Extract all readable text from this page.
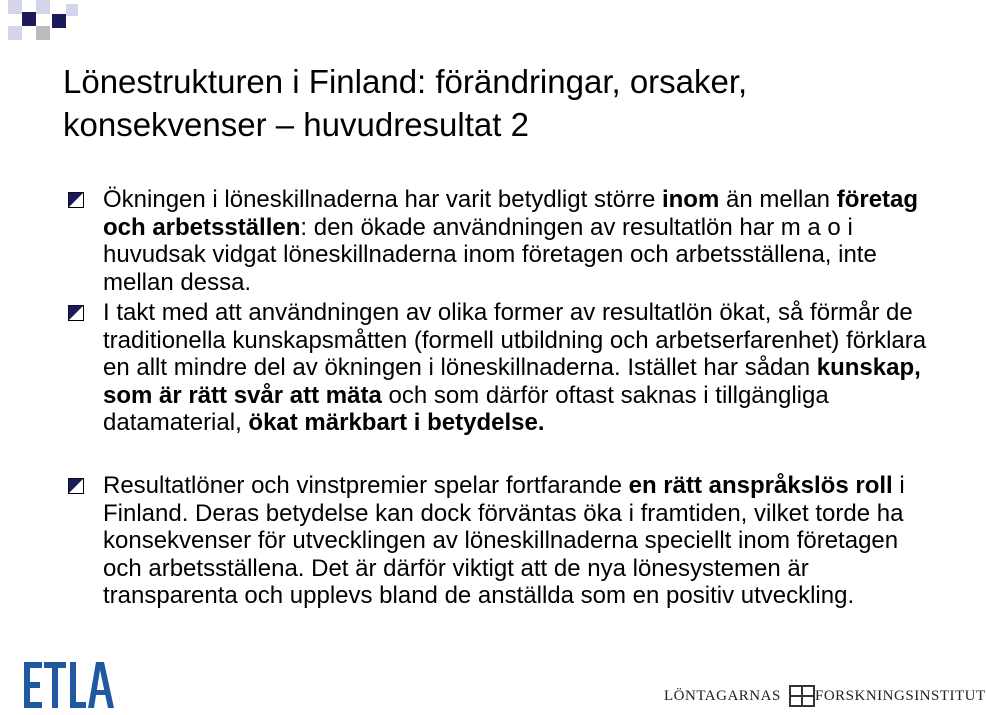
Lönestrukturen i Finland: förändringar, orsaker, konsekvenser – huvudresultat 2

Ökningen i löneskillnaderna har varit betydligt större inom än mellan företag och arbetsställen: den ökade användningen av resultatlön har m a o i huvudsak vidgat löneskillnaderna inom företagen och arbetsställena, inte mellan dessa.

I takt med att användningen av olika former av resultatlön ökat, så förmår de traditionella kunskapsmåtten (formell utbildning och arbetserfarenhet) förklara en allt mindre del av ökningen i löneskillnaderna. Istället har sådan kunskap, som är rätt svår att mäta och som därför oftast saknas i tillgängliga datamaterial, ökat märkbart i betydelse.

Resultatlöner och vinstpremier spelar fortfarande en rätt anspråkslös roll i Finland. Deras betydelse kan dock förväntas öka i framtiden, vilket torde ha konsekvenser för utvecklingen av löneskillnaderna speciellt inom företagen och arbetsställena. Det är därför viktigt att de nya lönesystemen är transparenta och upplevs bland de anställda som en positiv utveckling.

LÖNTAGARNAS FORSKNINGSINSTITUT
